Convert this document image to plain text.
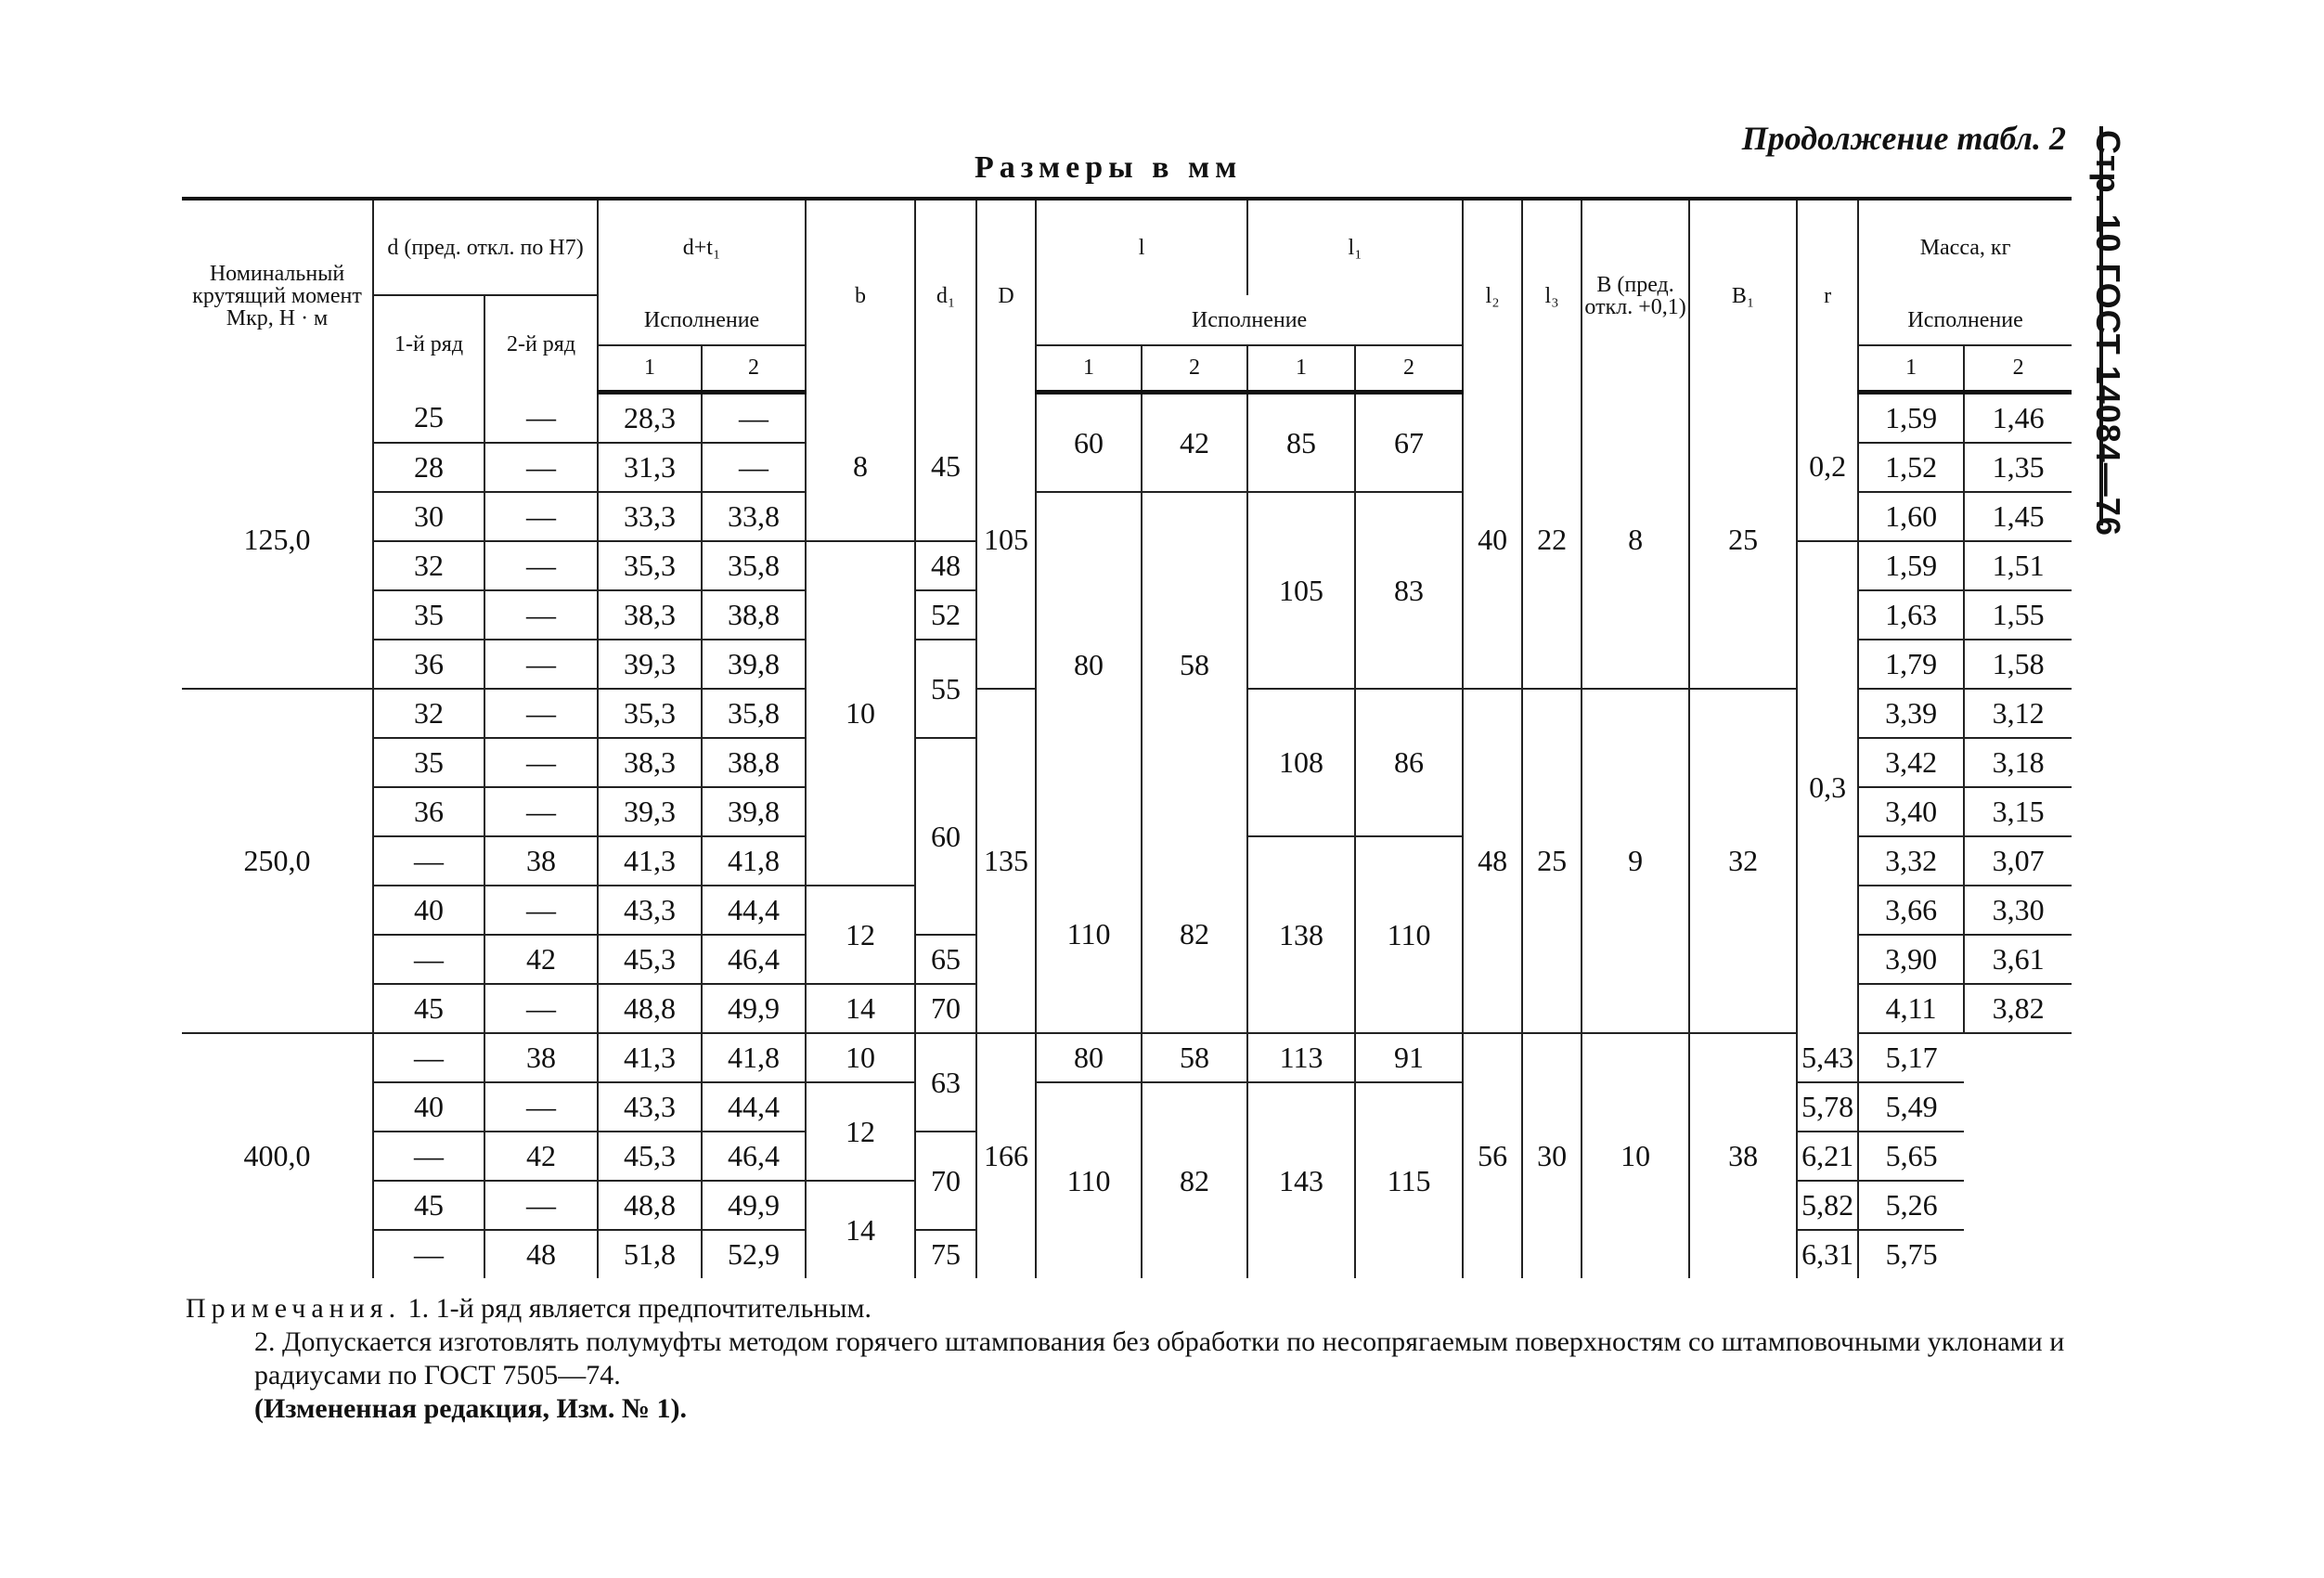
Стр. 10 ГОСТ 14084—76
Продолжение табл. 2
Размеры в мм
Номинальный крутящий момент Mкр, Н · м	d (пред. откл. по H7)		d+t₁		b	d₁	D	l		l₁		l₂	l₃	B (пред. откл. +0,1)	B₁	r	Масса, кг	
	1-й ряд	2-й ряд	Исполнение					Исполнение									Исполнение	
			1	2				1	2	1	2						1	2
125,0	25	—	28,3	—	8	45	105	60	42	85	67	40	22	8	25	0,2	1,59	1,46
	28	—	31,3	—													1,52	1,35
	30	—	33,3	33,8				80	58	105	83						1,60	1,45
	32	—	35,3	35,8	10	48										0,3	1,59	1,51
	35	—	38,3	38,8		52											1,63	1,55
	36	—	39,3	39,8		55											1,79	1,58
250,0	32	—	35,3	35,8			135			108	86	48	25	9	32		3,39	3,12
	35	—	38,3	38,8		60											3,42	3,18
	36	—	39,3	39,8													3,40	3,15
	—	38	41,3	41,8				110	82	138	110						3,32	3,07
	40	—	43,3	44,4	12												3,66	3,30
	—	42	45,3	46,4		65											3,90	3,61
	45	—	48,8	49,9	14	70											4,11	3,82
400,0	—	38	41,3	41,8	10	63	166	80	58	113	91	56	30	10	38	5,43	5,17	
	40	—	43,3	44,4	12			110	82	143	115					5,78	5,49	
	—	42	45,3	46,4		70										6,21	5,65	
	45	—	48,8	49,9	14											5,82	5,26	
	—	48	51,8	52,9		75										6,31	5,75	

Примечания. 1. 1-й ряд является предпочтительным.

2. Допускается изготовлять полумуфты методом горячего штампования без обработки по несопрягаемым поверхностям со штамповочными уклонами и радиусами по ГОСТ 7505—74.

(Измененная редакция, Изм. № 1).
